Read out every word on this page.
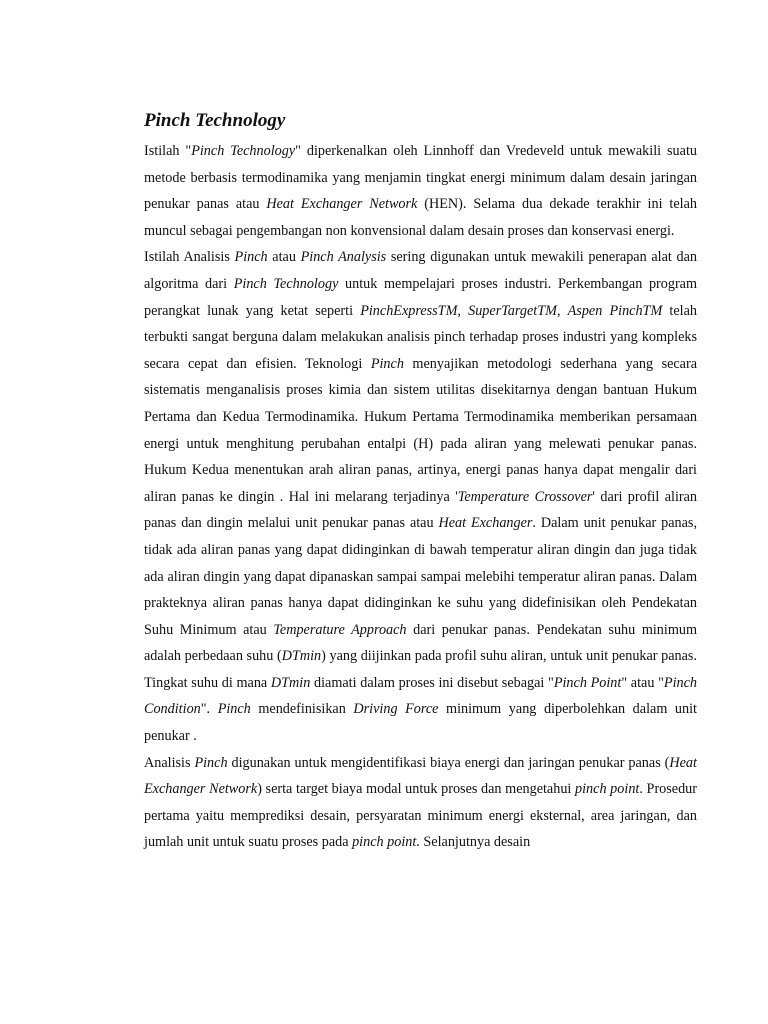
Pinch Technology

Istilah "Pinch Technology" diperkenalkan oleh Linnhoff dan Vredeveld untuk mewakili suatu metode berbasis termodinamika yang menjamin tingkat energi minimum dalam desain jaringan penukar panas atau Heat Exchanger Network (HEN). Selama dua dekade terakhir ini telah muncul sebagai pengembangan non konvensional dalam desain proses dan konservasi energi.

Istilah Analisis Pinch atau Pinch Analysis sering digunakan untuk mewakili penerapan alat dan algoritma dari Pinch Technology untuk mempelajari proses industri. Perkembangan program perangkat lunak yang ketat seperti PinchExpressTM, SuperTargetTM, Aspen PinchTM telah terbukti sangat berguna dalam melakukan analisis pinch terhadap proses industri yang kompleks secara cepat dan efisien. Teknologi Pinch menyajikan metodologi sederhana yang secara sistematis menganalisis proses kimia dan sistem utilitas disekitarnya dengan bantuan Hukum Pertama dan Kedua Termodinamika. Hukum Pertama Termodinamika memberikan persamaan energi untuk menghitung perubahan entalpi (H) pada aliran yang melewati penukar panas. Hukum Kedua menentukan arah aliran panas, artinya, energi panas hanya dapat mengalir dari aliran panas ke dingin . Hal ini melarang terjadinya 'Temperature Crossover' dari profil aliran panas dan dingin melalui unit penukar panas atau Heat Exchanger. Dalam unit penukar panas, tidak ada aliran panas yang dapat didinginkan di bawah temperatur aliran dingin dan juga tidak ada aliran dingin yang dapat dipanaskan sampai sampai melebihi temperatur aliran panas. Dalam prakteknya aliran panas hanya dapat didinginkan ke suhu yang didefinisikan oleh Pendekatan Suhu Minimum atau Temperature Approach dari penukar panas. Pendekatan suhu minimum adalah perbedaan suhu (DTmin) yang diijinkan pada profil suhu aliran, untuk unit penukar panas. Tingkat suhu di mana DTmin diamati dalam proses ini disebut sebagai "Pinch Point" atau "Pinch Condition". Pinch mendefinisikan Driving Force minimum yang diperbolehkan dalam unit penukar .

Analisis Pinch digunakan untuk mengidentifikasi biaya energi dan jaringan penukar panas (Heat Exchanger Network) serta target biaya modal untuk proses dan mengetahui pinch point. Prosedur pertama yaitu memprediksi desain, persyaratan minimum energi eksternal, area jaringan, dan jumlah unit untuk suatu proses pada pinch point. Selanjutnya desain
